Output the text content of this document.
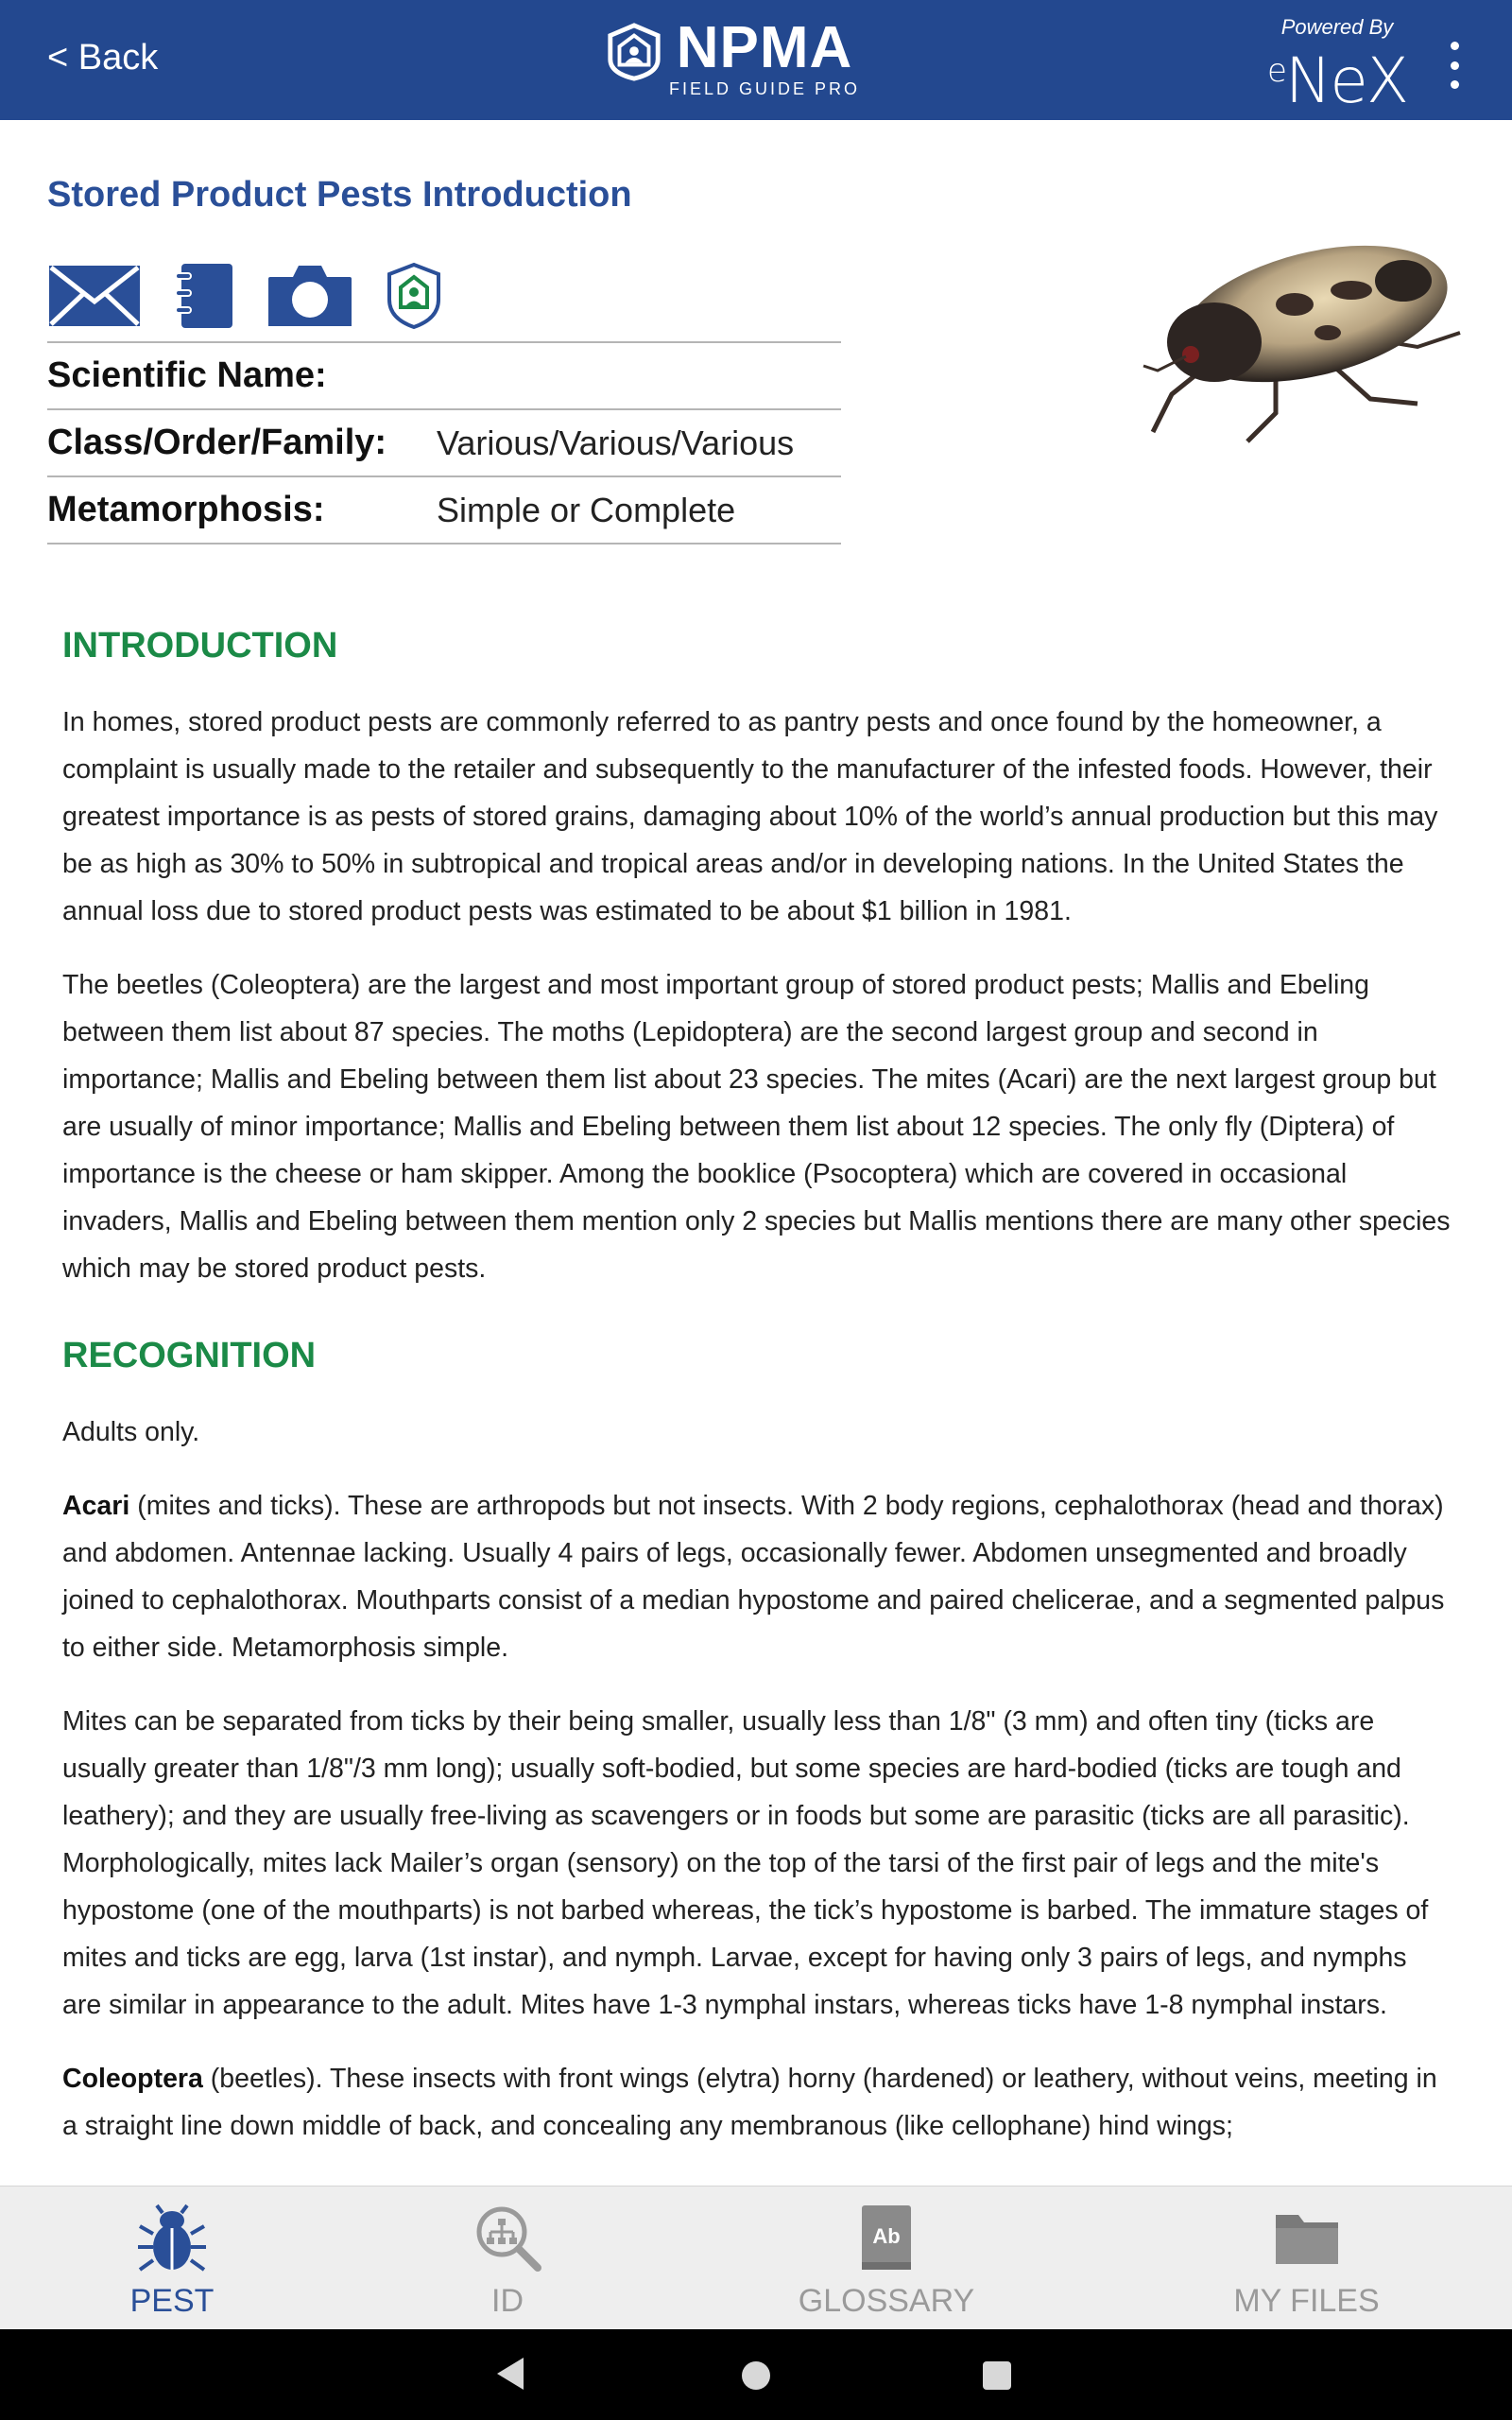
< Back	NPMA
FIELD GUIDE PRO
Powered By
$^e$NeX
Stored Product Pests Introduction
Scientific Name:
Class/Order/Family:	Various/Various/Various
Metamorphosis:	Simple or Complete
INTRODUCTION

In homes, stored product pests are commonly referred to as pantry pests and once found by the homeowner, a complaint is usually made to the retailer and subsequently to the manufacturer of the infested foods. However, their greatest importance is as pests of stored grains, damaging about 10% of the world’s annual production but this may be as high as 30% to 50% in subtropical and tropical areas and/or in developing nations. In the United States the annual loss due to stored product pests was estimated to be about $1 billion in 1981.

The beetles (Coleoptera) are the largest and most important group of stored product pests; Mallis and Ebeling between them list about 87 species. The moths (Lepidoptera) are the second largest group and second in importance; Mallis and Ebeling between them list about 23 species. The mites (Acari) are the next largest group but are usually of minor importance; Mallis and Ebeling between them list about 12 species. The only fly (Diptera) of importance is the cheese or ham skipper. Among the booklice (Psocoptera) which are covered in occasional invaders, Mallis and Ebeling between them mention only 2 species but Mallis mentions there are many other species which may be stored product pests.

RECOGNITION

Adults only.

Acari (mites and ticks). These are arthropods but not insects. With 2 body regions, cephalothorax (head and thorax) and abdomen. Antennae lacking. Usually 4 pairs of legs, occasionally fewer. Abdomen unsegmented and broadly joined to cephalothorax. Mouthparts consist of a median hypostome and paired chelicerae, and a segmented palpus to either side. Metamorphosis simple.

Mites can be separated from ticks by their being smaller, usually less than 1/8" (3 mm) and often tiny (ticks are usually greater than 1/8"/3 mm long); usually soft-bodied, but some species are hard-bodied (ticks are tough and leathery); and they are usually free-living as scavengers or in foods but some are parasitic (ticks are all parasitic). Morphologically, mites lack Mailer’s organ (sensory) on the top of the tarsi of the first pair of legs and the mite's hypostome (one of the mouthparts) is not barbed whereas, the tick’s hypostome is barbed. The immature stages of mites and ticks are egg, larva (1st instar), and nymph. Larvae, except for having only 3 pairs of legs, and nymphs are similar in appearance to the adult. Mites have 1-3 nymphal instars, whereas ticks have 1-8 nymphal instars.

Coleoptera (beetles). These insects with front wings (elytra) horny (hardened) or leathery, without veins, meeting in a straight line down middle of back, and concealing any membranous (like cellophane) hind wings;

PEST	ID
Ab
GLOSSARY	MY FILES
